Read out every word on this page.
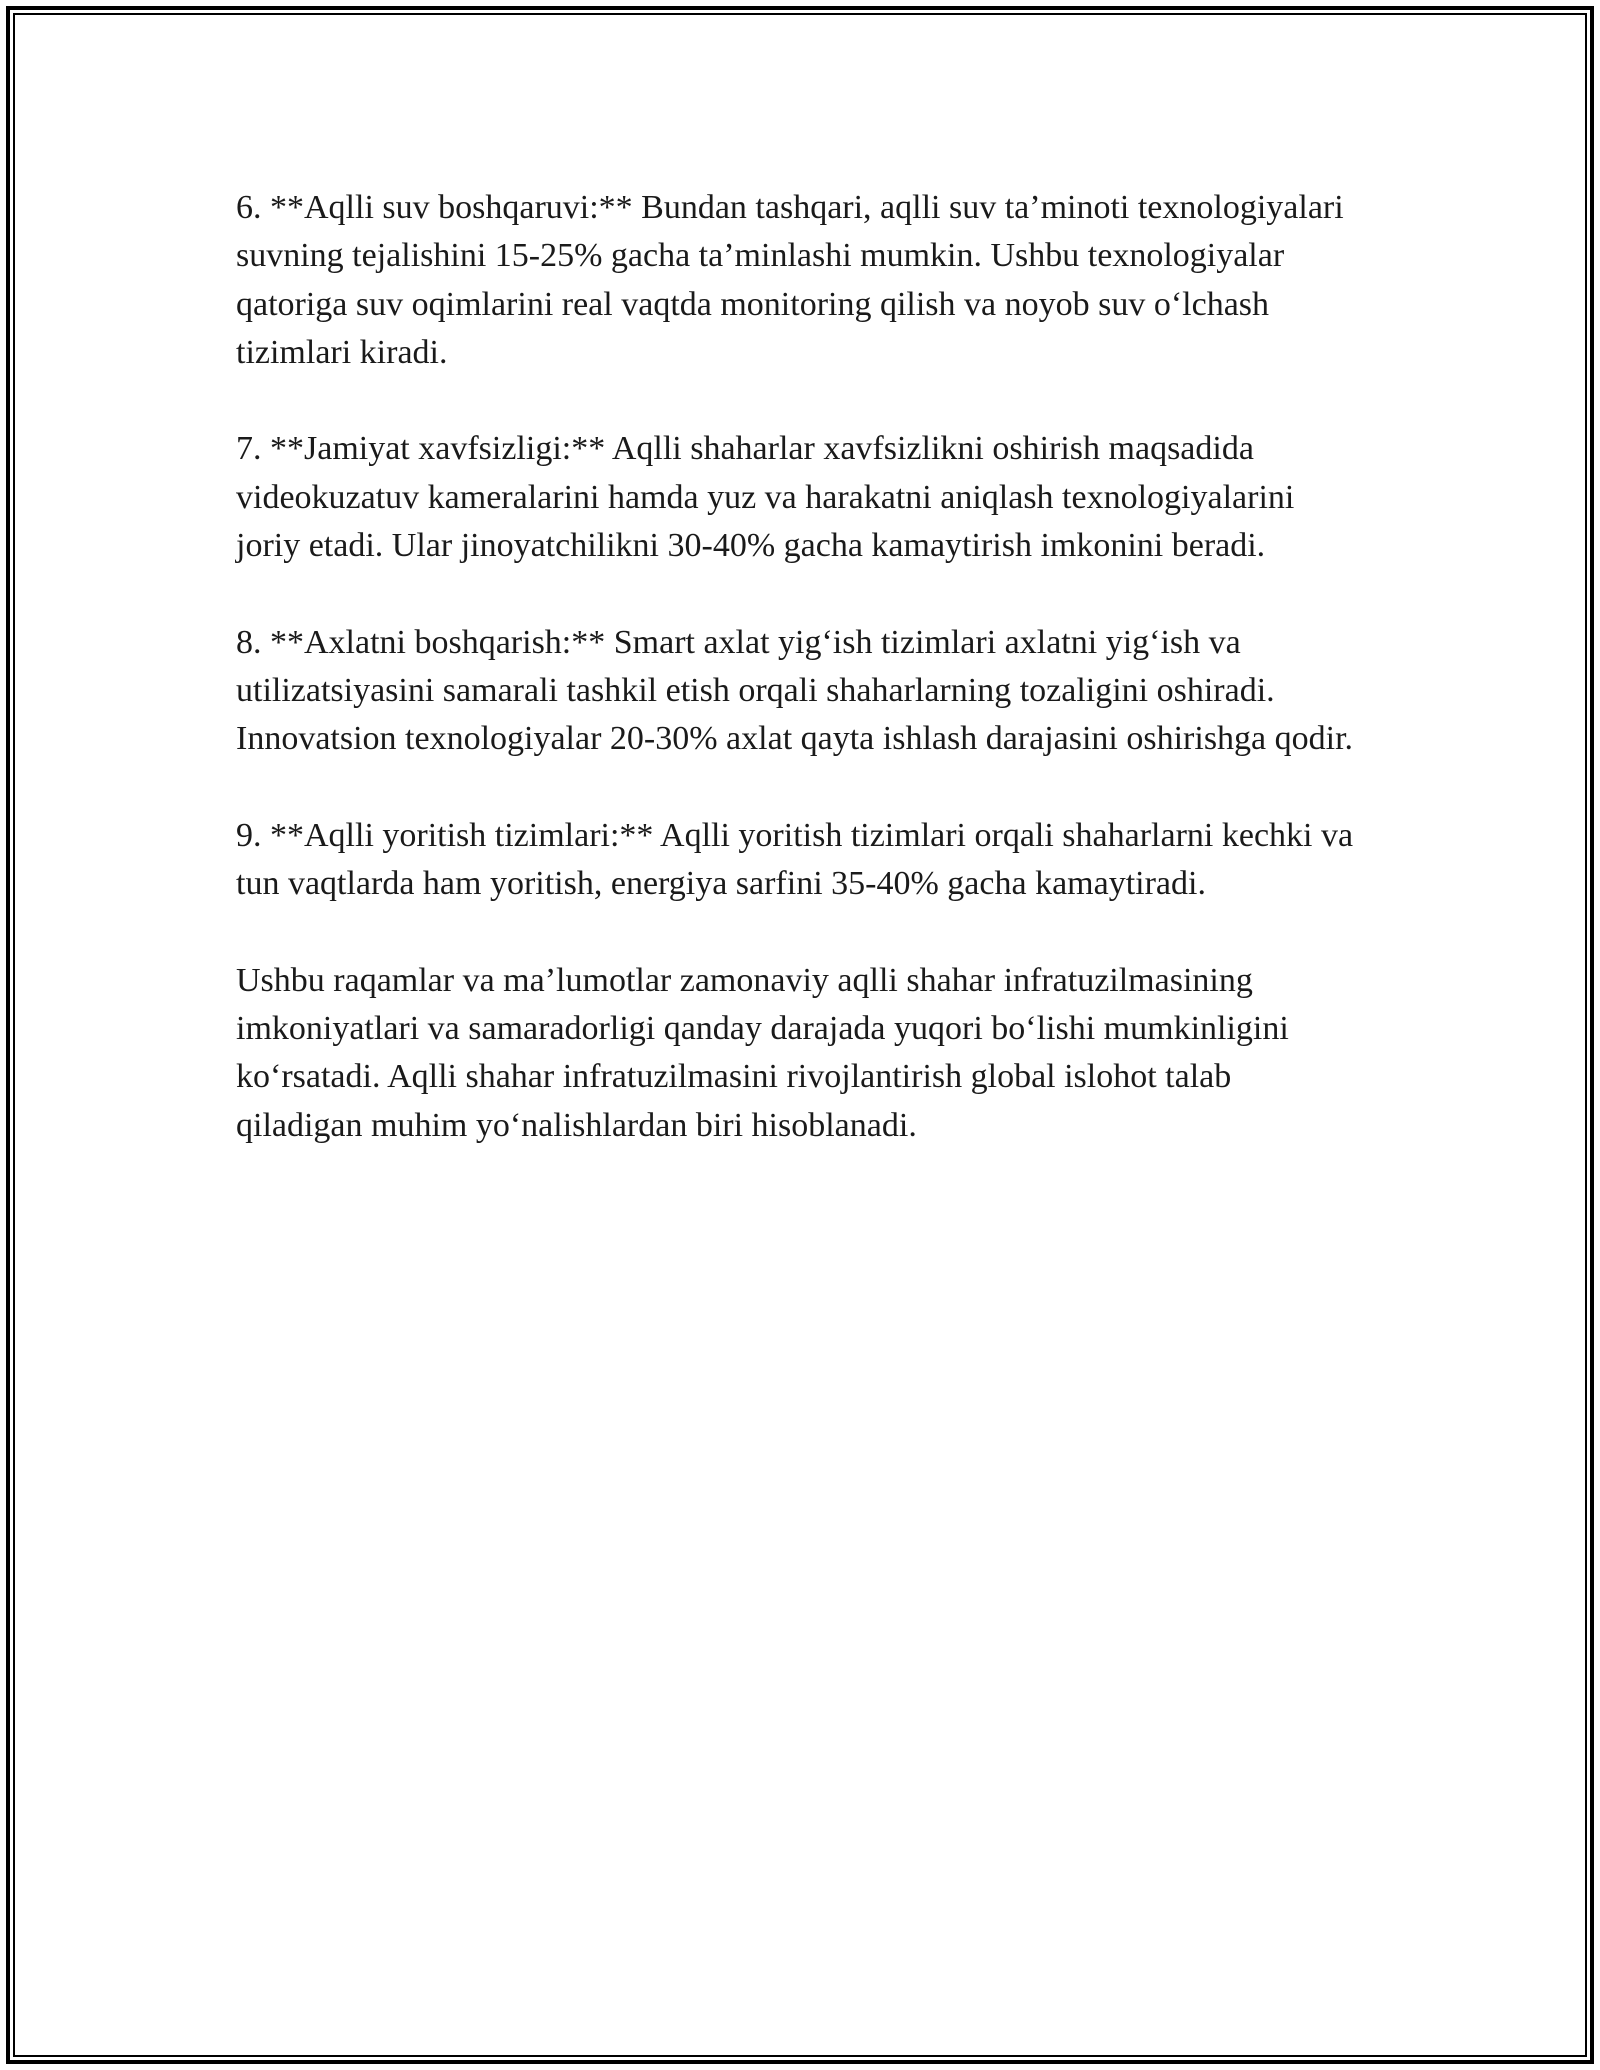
6. **Aqlli suv boshqaruvi:** Bundan tashqari, aqlli suv ta’minoti texnologiyalari suvning tejalishini 15-25% gacha ta’minlashi mumkin. Ushbu texnologiyalar qatoriga suv oqimlarini real vaqtda monitoring qilish va noyob suv o‘lchash tizimlari kiradi.

7. **Jamiyat xavfsizligi:** Aqlli shaharlar xavfsizlikni oshirish maqsadida videokuzatuv kameralarini hamda yuz va harakatni aniqlash texnologiyalarini joriy etadi. Ular jinoyatchilikni 30-40% gacha kamaytirish imkonini beradi.

8. **Axlatni boshqarish:** Smart axlat yig‘ish tizimlari axlatni yig‘ish va utilizatsiyasini samarali tashkil etish orqali shaharlarning tozaligini oshiradi. Innovatsion texnologiyalar 20-30% axlat qayta ishlash darajasini oshirishga qodir.

9. **Aqlli yoritish tizimlari:** Aqlli yoritish tizimlari orqali shaharlarni kechki va tun vaqtlarda ham yoritish, energiya sarfini 35-40% gacha kamaytiradi.

Ushbu raqamlar va ma’lumotlar zamonaviy aqlli shahar infratuzilmasining imkoniyatlari va samaradorligi qanday darajada yuqori bo‘lishi mumkinligini ko‘rsatadi. Aqlli shahar infratuzilmasini rivojlantirish global islohot talab qiladigan muhim yo‘nalishlardan biri hisoblanadi.
